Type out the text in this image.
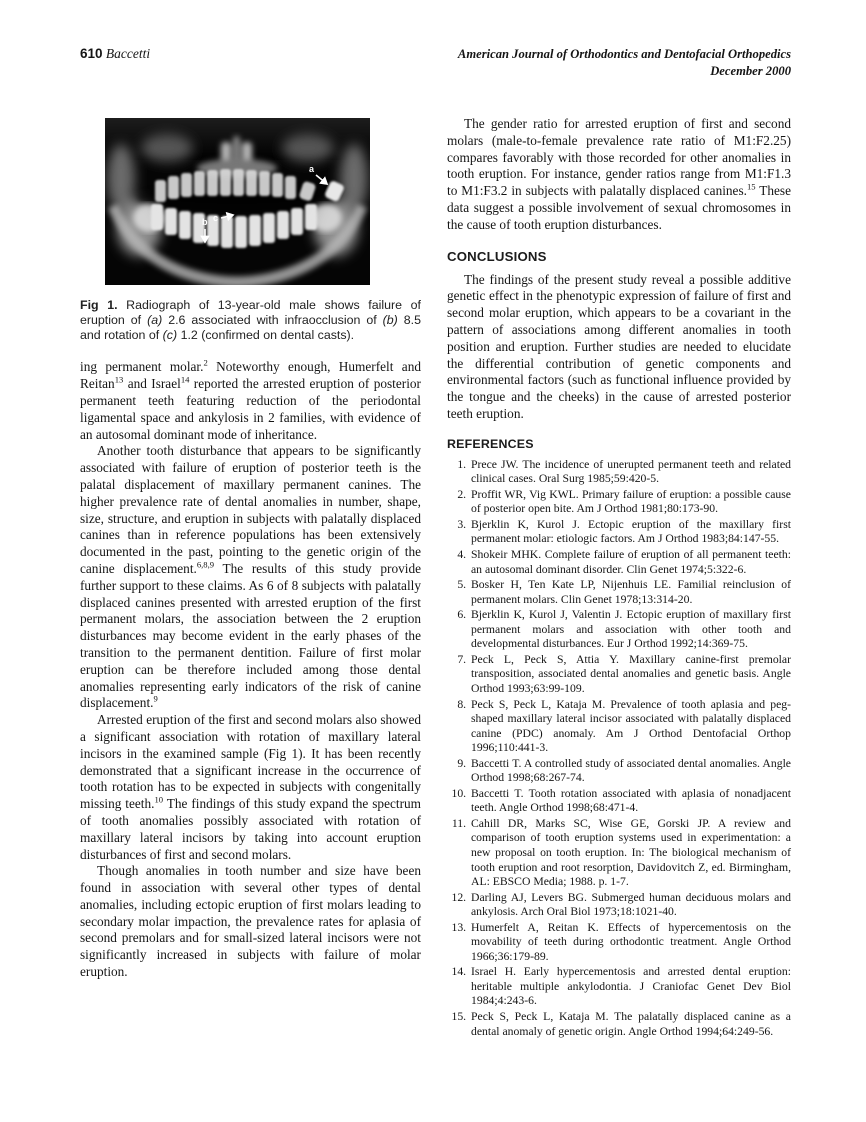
610 Baccetti	American Journal of Orthodontics and Dentofacial Orthopedics
December 2000
a
b c
Fig 1. Radiograph of 13-year-old male shows failure of eruption of (a) 2.6 associated with infraocclusion of (b) 8.5 and rotation of (c) 1.2 (confirmed on dental casts).

ing permanent molar.$^2$ Noteworthy enough, Humerfelt and Reitan$^{13}$ and Israel$^{14}$ reported the arrested eruption of posterior permanent teeth featuring reduction of the periodontal ligamental space and ankylosis in 2 families, with evidence of an autosomal dominant mode of inheritance.

Another tooth disturbance that appears to be significantly associated with failure of eruption of posterior teeth is the palatal displacement of maxillary permanent canines. The higher prevalence rate of dental anomalies in number, shape, size, structure, and eruption in subjects with palatally displaced canines than in reference populations has been extensively documented in the past, pointing to the genetic origin of the canine displacement.$^{6,8,9}$ The results of this study provide further support to these claims. As 6 of 8 subjects with palatally displaced canines presented with arrested eruption of the first permanent molars, the association between the 2 eruption disturbances may become evident in the early phases of the transition to the permanent dentition. Failure of first molar eruption can be therefore included among those dental anomalies representing early indicators of the risk of canine displacement.$^9$

Arrested eruption of the first and second molars also showed a significant association with rotation of maxillary lateral incisors in the examined sample (Fig 1). It has been recently demonstrated that a significant increase in the occurrence of tooth rotation has to be expected in subjects with congenitally missing teeth.$^{10}$ The findings of this study expand the spectrum of tooth anomalies possibly associated with rotation of maxillary lateral incisors by taking into account eruption disturbances of first and second molars.

Though anomalies in tooth number and size have been found in association with several other types of dental anomalies, including ectopic eruption of first molars leading to secondary molar impaction, the prevalence rates for aplasia of second premolars and for small-sized lateral incisors were not significantly increased in subjects with failure of molar eruption.

The gender ratio for arrested eruption of first and second molars (male-to-female prevalence rate ratio of M1:F2.25) compares favorably with those recorded for other anomalies in tooth eruption. For instance, gender ratios range from M1:F1.3 to M1:F3.2 in subjects with palatally displaced canines.$^{15}$ These data suggest a possible involvement of sexual chromosomes in the cause of tooth eruption disturbances.

CONCLUSIONS

The findings of the present study reveal a possible additive genetic effect in the phenotypic expression of failure of first and second molar eruption, which appears to be a covariant in the pattern of associations among different anomalies in tooth position and eruption. Further studies are needed to elucidate the differential contribution of genetic components and environmental factors (such as functional influence provided by the tongue and the cheeks) in the cause of arrested posterior teeth eruption.

REFERENCES
1. Prece JW. The incidence of unerupted permanent teeth and related clinical cases. Oral Surg 1985;59:420-5.
2. Proffit WR, Vig KWL. Primary failure of eruption: a possible cause of posterior open bite. Am J Orthod 1981;80:173-90.
3. Bjerklin K, Kurol J. Ectopic eruption of the maxillary first permanent molar: etiologic factors. Am J Orthod 1983;84:147-55.
4. Shokeir MHK. Complete failure of eruption of all permanent teeth: an autosomal dominant disorder. Clin Genet 1974;5:322-6.
5. Bosker H, Ten Kate LP, Nijenhuis LE. Familial reinclusion of permanent molars. Clin Genet 1978;13:314-20.
6. Bjerklin K, Kurol J, Valentin J. Ectopic eruption of maxillary first permanent molars and association with other tooth and developmental disturbances. Eur J Orthod 1992;14:369-75.
7. Peck L, Peck S, Attia Y. Maxillary canine-first premolar transposition, associated dental anomalies and genetic basis. Angle Orthod 1993;63:99-109.
8. Peck S, Peck L, Kataja M. Prevalence of tooth aplasia and peg-shaped maxillary lateral incisor associated with palatally displaced canine (PDC) anomaly. Am J Orthod Dentofacial Orthop 1996;110:441-3.
9. Baccetti T. A controlled study of associated dental anomalies. Angle Orthod 1998;68:267-74.
10. Baccetti T. Tooth rotation associated with aplasia of nonadjacent teeth. Angle Orthod 1998;68:471-4.
11. Cahill DR, Marks SC, Wise GE, Gorski JP. A review and comparison of tooth eruption systems used in experimentation: a new proposal on tooth eruption. In: The biological mechanism of tooth eruption and root resorption, Davidovitch Z, ed. Birmingham, AL: EBSCO Media; 1988. p. 1-7.
12. Darling AJ, Levers BG. Submerged human deciduous molars and ankylosis. Arch Oral Biol 1973;18:1021-40.
13. Humerfelt A, Reitan K. Effects of hypercementosis on the movability of teeth during orthodontic treatment. Angle Orthod 1966;36:179-89.
14. Israel H. Early hypercementosis and arrested dental eruption: heritable multiple ankylodontia. J Craniofac Genet Dev Biol 1984;4:243-6.
15. Peck S, Peck L, Kataja M. The palatally displaced canine as a dental anomaly of genetic origin. Angle Orthod 1994;64:249-56.
